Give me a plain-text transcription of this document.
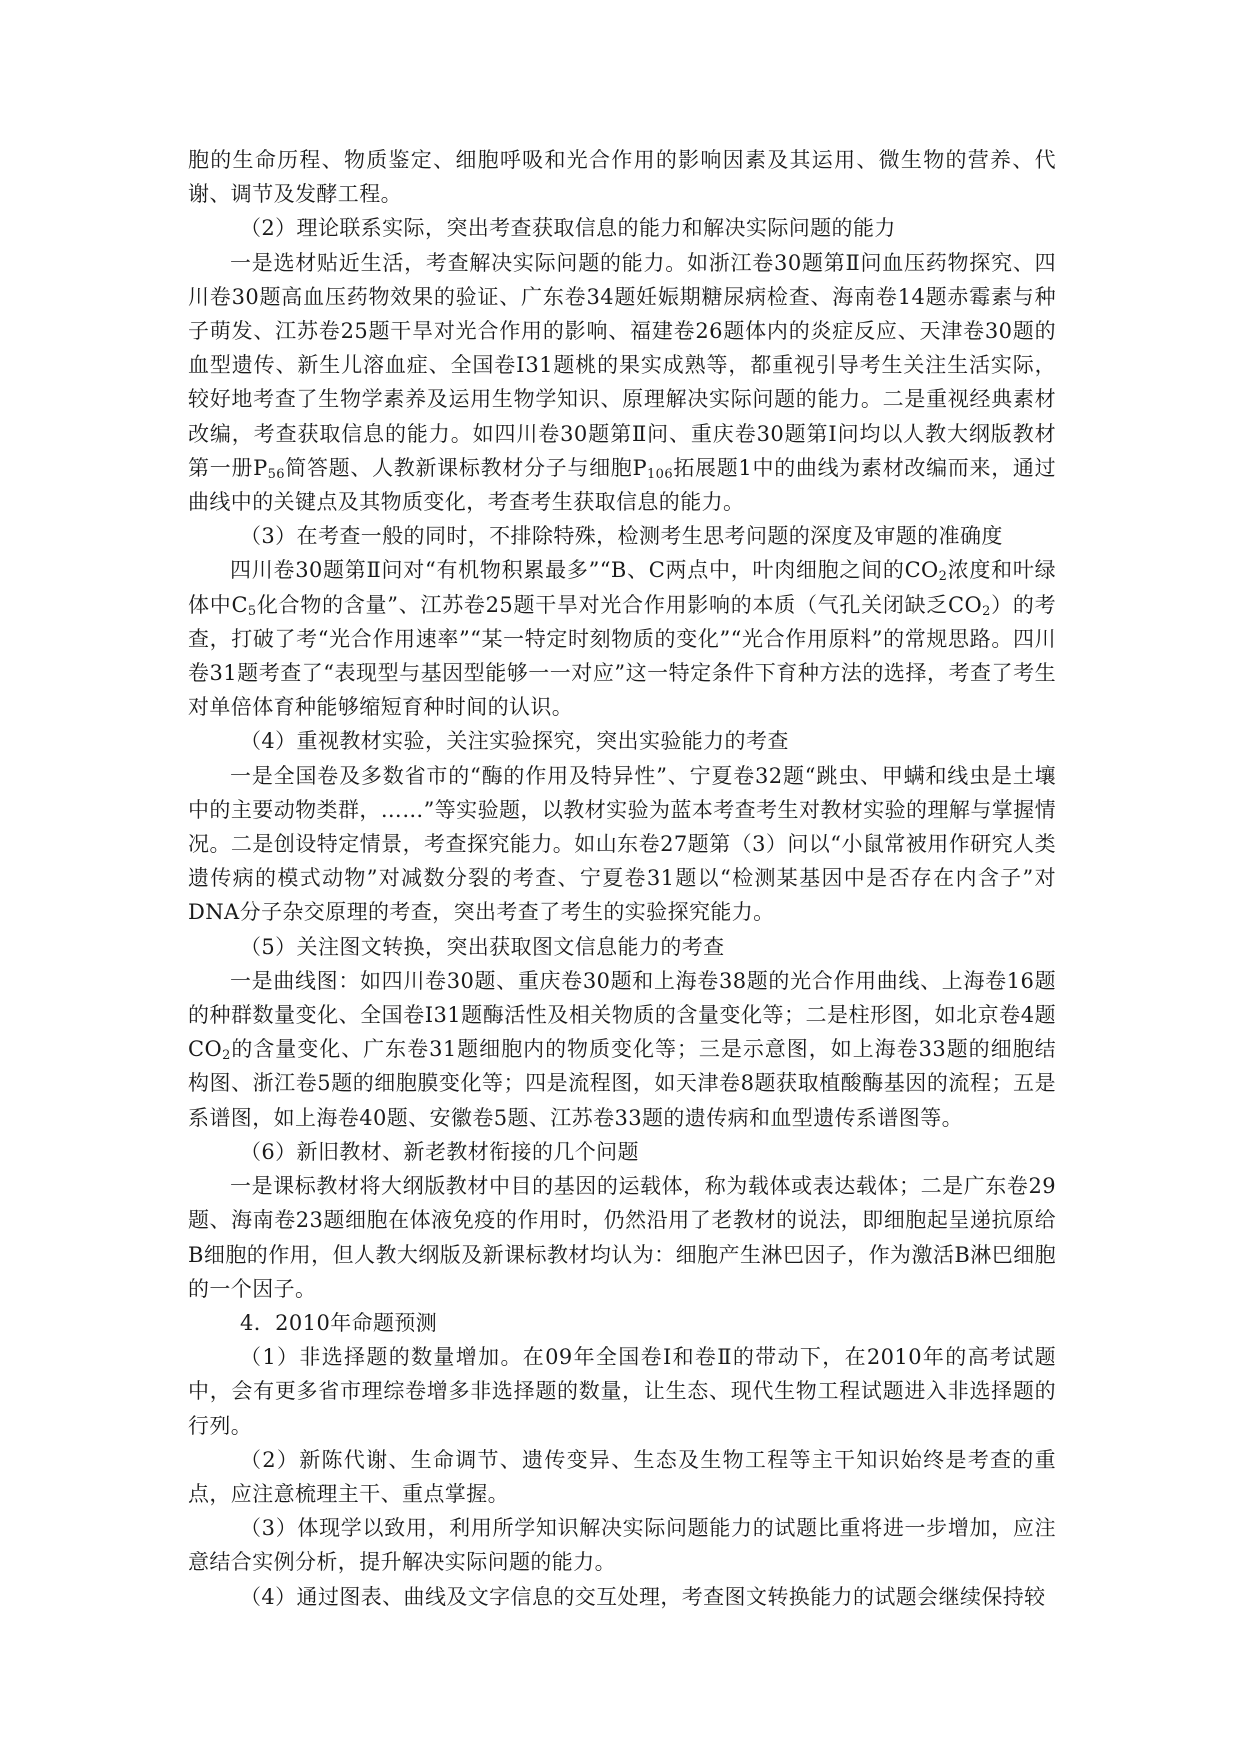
胞的生命历程、物质鉴定、细胞呼吸和光合作用的影响因素及其运用、微生物的营养、代谢、调节及发酵工程。

（2）理论联系实际，突出考查获取信息的能力和解决实际问题的能力

一是选材贴近生活，考查解决实际问题的能力。如浙江卷30题第Ⅱ问血压药物探究、四川卷30题高血压药物效果的验证、广东卷34题妊娠期糖尿病检查、海南卷14题赤霉素与种子萌发、江苏卷25题干旱对光合作用的影响、福建卷26题体内的炎症反应、天津卷30题的血型遗传、新生儿溶血症、全国卷Ⅰ31题桃的果实成熟等，都重视引导考生关注生活实际，较好地考查了生物学素养及运用生物学知识、原理解决实际问题的能力。二是重视经典素材改编，考查获取信息的能力。如四川卷30题第Ⅱ问、重庆卷30题第Ⅰ问均以人教大纲版教材第一册$P_{56}$简答题、人教新课标教材分子与细胞$P_{106}$拓展题1中的曲线为素材改编而来，通过曲线中的关键点及其物质变化，考查考生获取信息的能力。

（3）在考查一般的同时，不排除特殊，检测考生思考问题的深度及审题的准确度

四川卷30题第Ⅱ问对“有机物积累最多”“B、C两点中，叶肉细胞之间的$CO_2$浓度和叶绿体中$C_5$化合物的含量”、江苏卷25题干旱对光合作用影响的本质（气孔关闭缺乏$CO_2$）的考查，打破了考“光合作用速率”“某一特定时刻物质的变化”“光合作用原料”的常规思路。四川卷31题考查了“表现型与基因型能够一一对应”这一特定条件下育种方法的选择，考查了考生对单倍体育种能够缩短育种时间的认识。

（4）重视教材实验，关注实验探究，突出实验能力的考查

一是全国卷及多数省市的“酶的作用及特异性”、宁夏卷32题“跳虫、甲螨和线虫是土壤中的主要动物类群，……”等实验题，以教材实验为蓝本考查考生对教材实验的理解与掌握情况。二是创设特定情景，考查探究能力。如山东卷27题第（3）问以“小鼠常被用作研究人类遗传病的模式动物”对减数分裂的考查、宁夏卷31题以“检测某基因中是否存在内含子”对DNA分子杂交原理的考查，突出考查了考生的实验探究能力。

（5）关注图文转换，突出获取图文信息能力的考查

一是曲线图：如四川卷30题、重庆卷30题和上海卷38题的光合作用曲线、上海卷16题的种群数量变化、全国卷Ⅰ31题酶活性及相关物质的含量变化等；二是柱形图，如北京卷4题$CO_2$的含量变化、广东卷31题细胞内的物质变化等；三是示意图，如上海卷33题的细胞结构图、浙江卷5题的细胞膜变化等；四是流程图，如天津卷8题获取植酸酶基因的流程；五是系谱图，如上海卷40题、安徽卷5题、江苏卷33题的遗传病和血型遗传系谱图等。

（6）新旧教材、新老教材衔接的几个问题

一是课标教材将大纲版教材中目的基因的运载体，称为载体或表达载体；二是广东卷29题、海南卷23题细胞在体液免疫的作用时，仍然沿用了老教材的说法，即细胞起呈递抗原给B细胞的作用，但人教大纲版及新课标教材均认为：细胞产生淋巴因子，作为激活B淋巴细胞的一个因子。

4．2010年命题预测

（1）非选择题的数量增加。在09年全国卷Ⅰ和卷Ⅱ的带动下，在2010年的高考试题中，会有更多省市理综卷增多非选择题的数量，让生态、现代生物工程试题进入非选择题的行列。

（2）新陈代谢、生命调节、遗传变异、生态及生物工程等主干知识始终是考查的重点，应注意梳理主干、重点掌握。

（3）体现学以致用，利用所学知识解决实际问题能力的试题比重将进一步增加，应注意结合实例分析，提升解决实际问题的能力。

（4）通过图表、曲线及文字信息的交互处理，考查图文转换能力的试题会继续保持较
